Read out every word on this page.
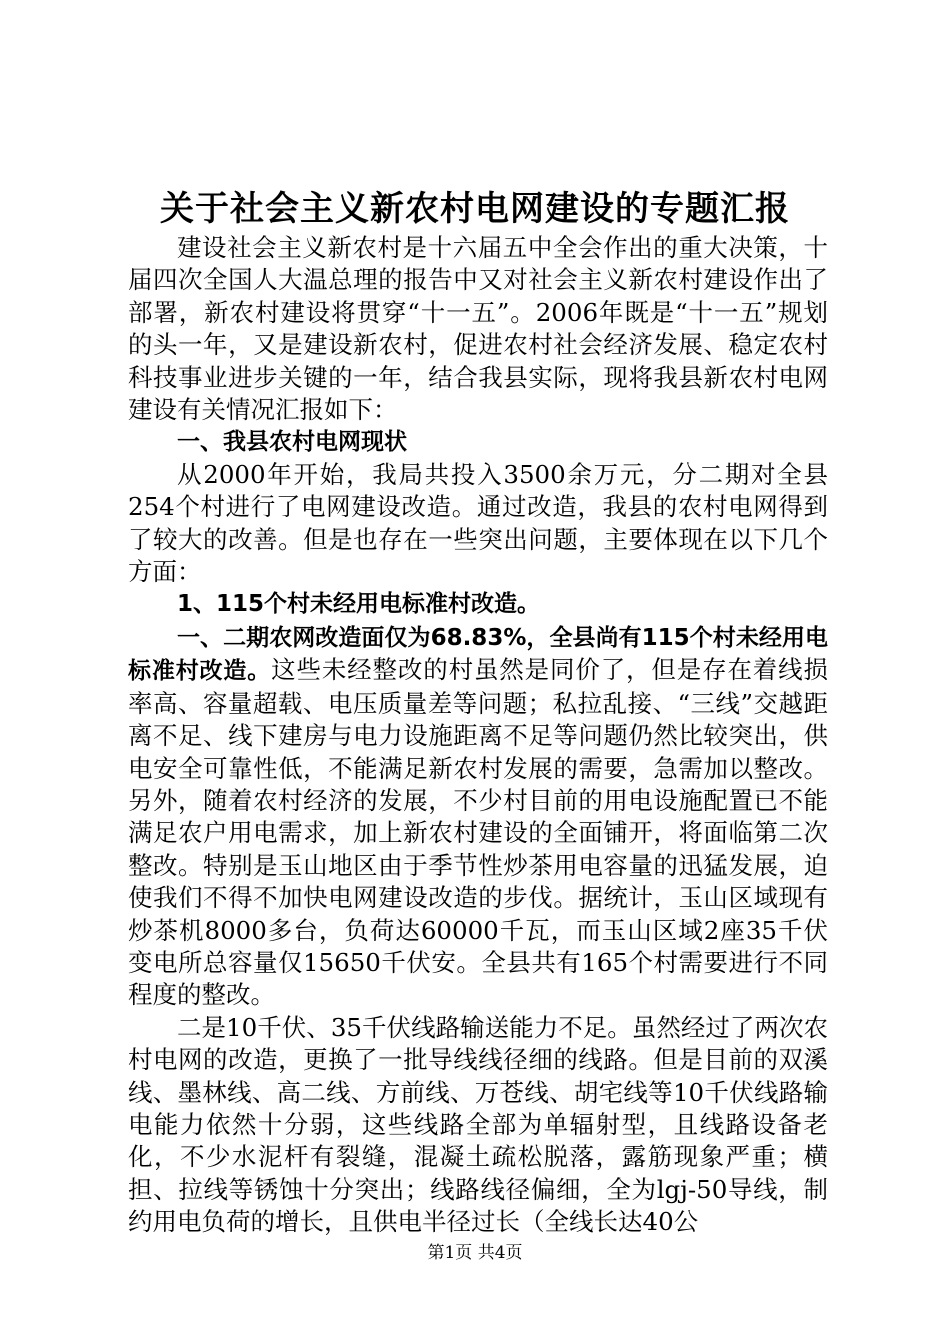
关于社会主义新农村电网建设的专题汇报

建设社会主义新农村是十六届五中全会作出的重大决策，十届四次全国人大温总理的报告中又对社会主义新农村建设作出了部署，新农村建设将贯穿“十一五”。2006年既是“十一五”规划的头一年，又是建设新农村，促进农村社会经济发展、稳定农村科技事业进步关键的一年，结合我县实际，现将我县新农村电网建设有关情况汇报如下：

一、我县农村电网现状

从2000年开始，我局共投入3500余万元，分二期对全县254个村进行了电网建设改造。通过改造，我县的农村电网得到了较大的改善。但是也存在一些突出问题，主要体现在以下几个方面：

1、115个村未经用电标准村改造。

一、二期农网改造面仅为68.83%，全县尚有115个村未经用电标准村改造。这些未经整改的村虽然是同价了，但是存在着线损率高、容量超载、电压质量差等问题；私拉乱接、“三线”交越距离不足、线下建房与电力设施距离不足等问题仍然比较突出，供电安全可靠性低，不能满足新农村发展的需要，急需加以整改。另外，随着农村经济的发展，不少村目前的用电设施配置已不能满足农户用电需求，加上新农村建设的全面铺开，将面临第二次整改。特别是玉山地区由于季节性炒茶用电容量的迅猛发展，迫使我们不得不加快电网建设改造的步伐。据统计，玉山区域现有炒茶机8000多台，负荷达60000千瓦，而玉山区域2座35千伏变电所总容量仅15650千伏安。全县共有165个村需要进行不同程度的整改。

二是10千伏、35千伏线路输送能力不足。虽然经过了两次农村电网的改造，更换了一批导线线径细的线路。但是目前的双溪线、墨林线、高二线、方前线、万苍线、胡宅线等10千伏线路输电能力依然十分弱，这些线路全部为单辐射型，且线路设备老化，不少水泥杆有裂缝，混凝土疏松脱落，露筋现象严重；横担、拉线等锈蚀十分突出；线路线径偏细，全为lgj-50导线，制约用电负荷的增长，且供电半径过长（全线长达40公

第1页 共4页
